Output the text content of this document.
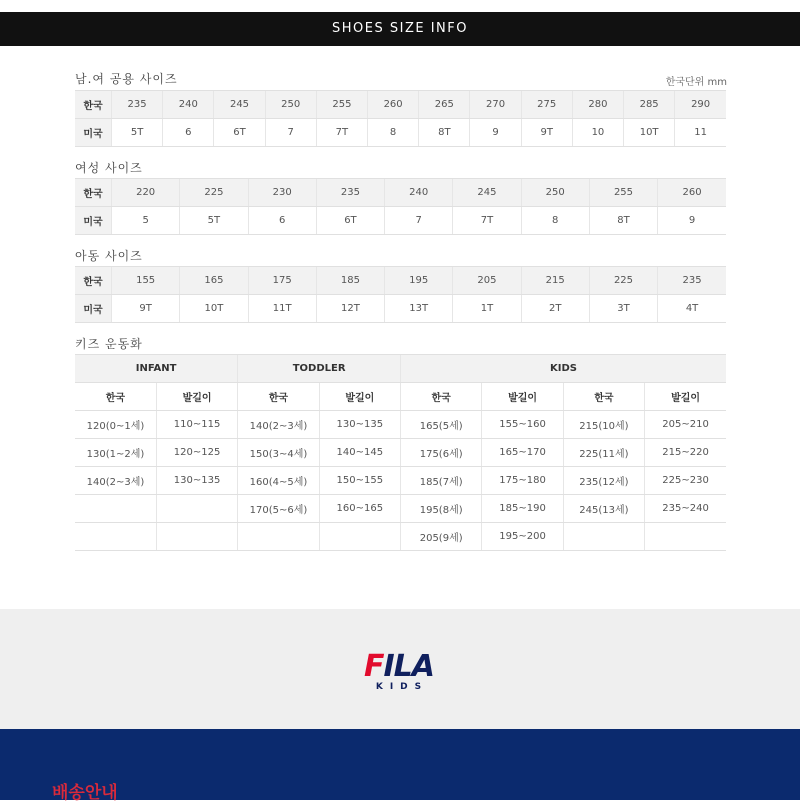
SHOES SIZE INFO
남.여 공용 사이즈	한국단위 mm
한국	235	240	245	250	255	260	265	270	275	280	285	290
미국	5T	6	6T	7	7T	8	8T	9	9T	10	10T	11
여성 사이즈
한국	220	225	230	235	240	245	250	255	260
미국	5	5T	6	6T	7	7T	8	8T	9
아동 사이즈
한국	155	165	175	185	195	205	215	225	235
미국	9T	10T	11T	12T	13T	1T	2T	3T	4T
키즈 운동화
INFANT		TODDLER		KIDS			
한국	발길이	한국	발길이	한국	발길이	한국	발길이
120(0~1세)	110~115	140(2~3세)	130~135	165(5세)	155~160	215(10세)	205~210
130(1~2세)	120~125	150(3~4세)	140~145	175(6세)	165~170	225(11세)	215~220
140(2~3세)	130~135	160(4~5세)	150~155	185(7세)	175~180	235(12세)	225~230
		170(5~6세)	160~165	195(8세)	185~190	245(13세)	235~240
				205(9세)	195~200		
FILA
KIDS
배송안내
